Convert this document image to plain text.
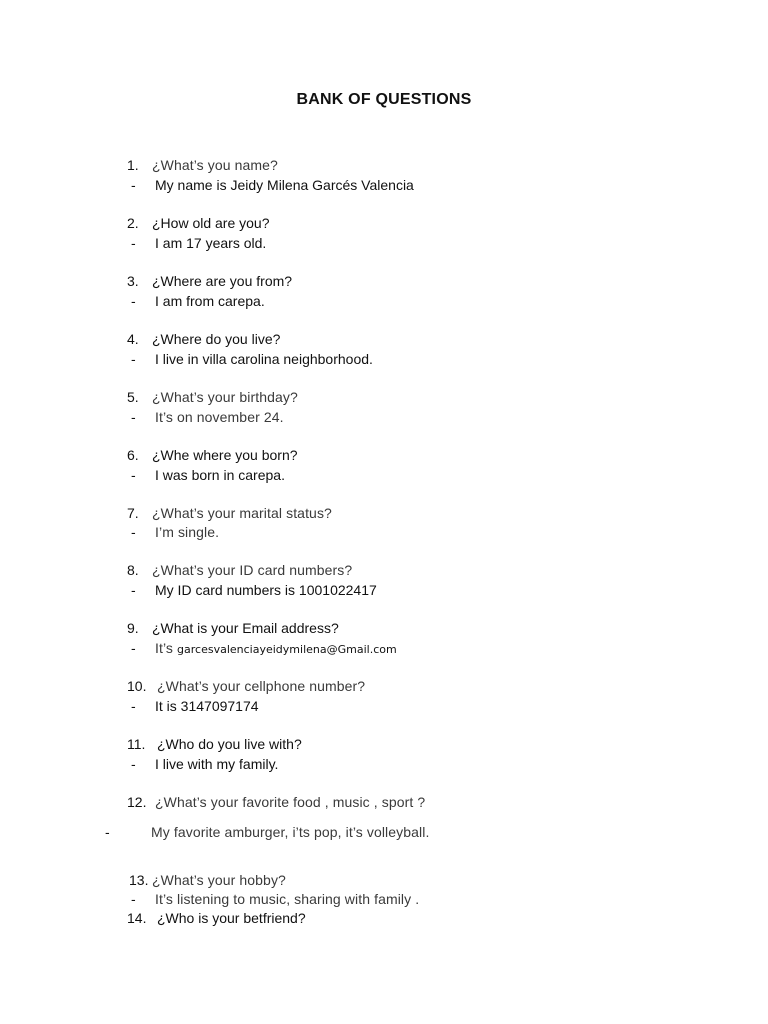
BANK OF QUESTIONS
1. ¿What’s you name?
- My name is Jeidy Milena Garcés Valencia
2. ¿How old are you?
- I am 17 years old.
3. ¿Where are you from?
- I am from carepa.
4. ¿Where do you live?
- I live in villa carolina neighborhood.
5. ¿What’s your birthday?
- It’s on november 24.
6. ¿Whe where you born?
- I was born in carepa.
7. ¿What’s your marital status?
- I’m single.
8. ¿What’s your ID card numbers?
- My ID card numbers is 1001022417
9. ¿What is your Email address?
- It’s garcesvalenciayeidymilena@Gmail.com
10. ¿What’s your cellphone number?
- It is 3147097174
11. ¿Who do you live with?
- I live with my family.
12. ¿What’s your favorite food , music , sport ?
-	My favorite amburger, i’ts pop, it’s volleyball.
13. ¿What’s your hobby?
- It’s listening to music, sharing with family .
14. ¿Who is your betfriend?
